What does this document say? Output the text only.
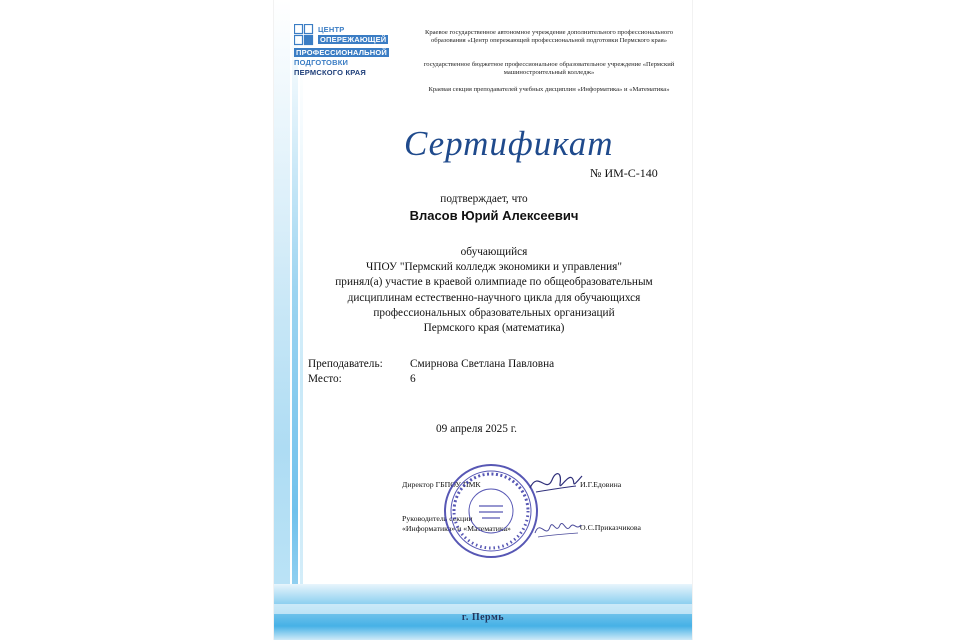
ЦЕНТР
ОПЕРЕЖАЮЩЕЙ
ПРОФЕССИОНАЛЬНОЙ
ПОДГОТОВКИ
ПЕРМСКОГО КРАЯ
Краевое государственное автономное учреждение дополнительного профессионального образования «Центр опережающей профессиональной подготовки Пермского края»
государственное бюджетное профессиональное образовательное учреждение «Пермский машиностроительный колледж»
Краевая секция преподавателей учебных дисциплин «Информатика» и «Математика»
Сертификат
№ ИМ-С-140
подтверждает, что
Власов Юрий Алексеевич
обучающийся
ЧПОУ "Пермский колледж экономики и управления"
принял(а) участие в краевой олимпиаде по общеобразовательным
дисциплинам естественно-научного цикла для обучающихся
профессиональных образовательных организаций
Пермского края (математика)
Преподаватель: Смирнова Светлана Павловна
Место:	6
09 апреля 2025 г.
Директор ГБПОУ ПМК	И.Г.Едовина
Руководитель секции
«Информатика» и «Математика»	О.С.Приказчикова
г. Пермь
